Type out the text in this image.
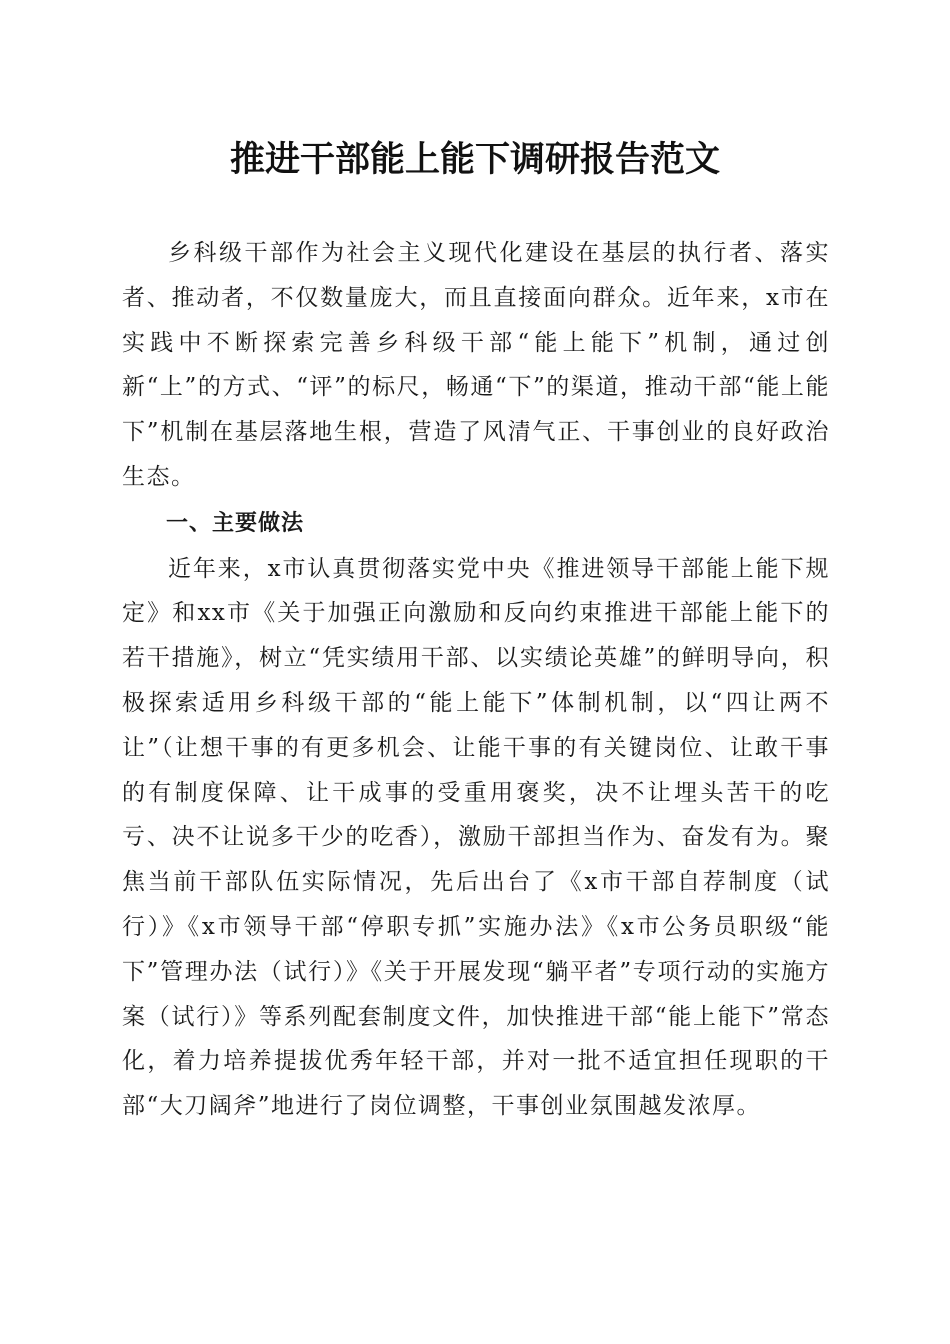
推进干部能上能下调研报告范文

乡科级干部作为社会主义现代化建设在基层的执行者、落实者、推动者，不仅数量庞大，而且直接面向群众。近年来，x市在实践中不断探索完善乡科级干部“能上能下”机制，通过创新“上”的方式、“评”的标尺，畅通“下”的渠道，推动干部“能上能下”机制在基层落地生根，营造了风清气正、干事创业的良好政治生态。

一、主要做法

近年来，x市认真贯彻落实党中央《推进领导干部能上能下规定》和xx市《关于加强正向激励和反向约束推进干部能上能下的若干措施》，树立“凭实绩用干部、以实绩论英雄”的鲜明导向，积极探索适用乡科级干部的“能上能下”体制机制，以“四让两不让”（让想干事的有更多机会、让能干事的有关键岗位、让敢干事的有制度保障、让干成事的受重用褒奖，决不让埋头苦干的吃亏、决不让说多干少的吃香），激励干部担当作为、奋发有为。聚焦当前干部队伍实际情况，先后出台了《x市干部自荐制度（试行）》《x市领导干部“停职专抓”实施办法》《x市公务员职级“能下”管理办法（试行）》《关于开展发现“躺平者”专项行动的实施方案（试行）》等系列配套制度文件，加快推进干部“能上能下”常态化，着力培养提拔优秀年轻干部，并对一批不适宜担任现职的干部“大刀阔斧”地进行了岗位调整，干事创业氛围越发浓厚。
